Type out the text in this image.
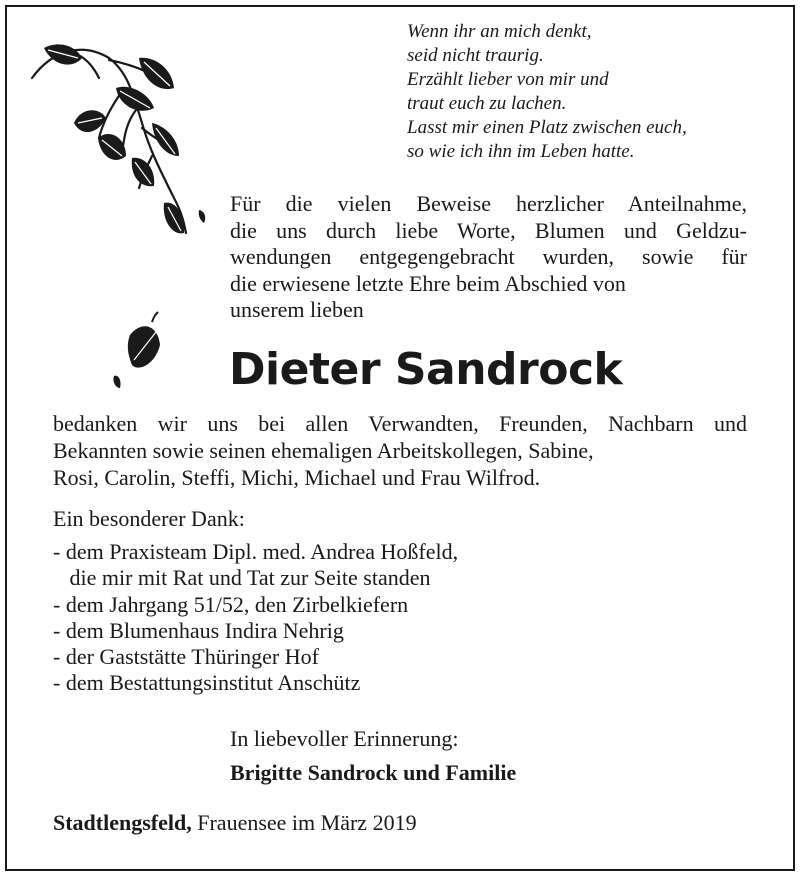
Wenn ihr an mich denkt,
seid nicht traurig.
Erzählt lieber von mir und
traut euch zu lachen.
Lasst mir einen Platz zwischen euch,
so wie ich ihn im Leben hatte.
Für die vielen Beweise herzlicher Anteilnahme,
die uns durch liebe Worte, Blumen und Geldzu-
wendungen entgegengebracht wurden, sowie für
die erwiesene letzte Ehre beim Abschied von
unserem lieben
Dieter Sandrock
bedanken wir uns bei allen Verwandten, Freunden, Nachbarn und
Bekannten sowie seinen ehemaligen Arbeitskollegen, Sabine,
Rosi, Carolin, Steffi, Michi, Michael und Frau Wilfrod.
Ein besonderer Dank:
- dem Praxisteam Dipl. med. Andrea Hoßfeld,
die mir mit Rat und Tat zur Seite standen
- dem Jahrgang 51/52, den Zirbelkiefern
- dem Blumenhaus Indira Nehrig
- der Gaststätte Thüringer Hof
- dem Bestattungsinstitut Anschütz
In liebevoller Erinnerung:
Brigitte Sandrock und Familie
Stadtlengsfeld, Frauensee im März 2019
